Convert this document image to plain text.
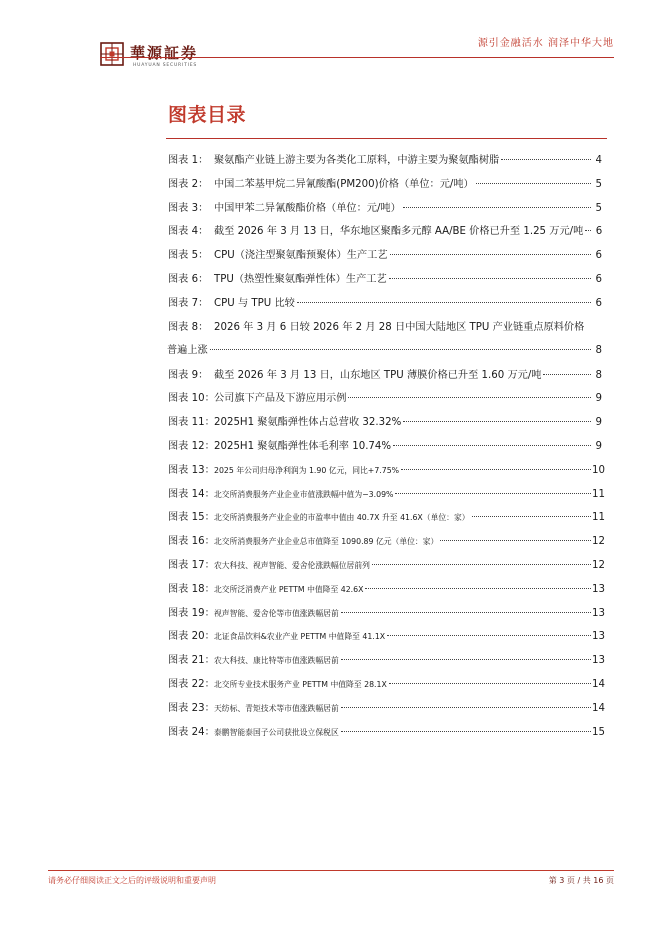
華源証券
HUAYUAN SECURITIES
源引金融活水 润泽中华大地
图表目录
图表 1： 聚氨酯产业链上游主要为各类化工原料，中游主要为聚氨酯树脂	4
图表 2： 中国二苯基甲烷二异氰酸酯(PM200)价格（单位：元/吨）	5
图表 3： 中国甲苯二异氰酸酯价格（单位：元/吨）	5
图表 4： 截至 2026 年 3 月 13 日，华东地区聚酯多元醇 AA/BE 价格已升至 1.25 万元/吨	6
图表 5： CPU（浇注型聚氨酯预聚体）生产工艺	6
图表 6： TPU（热塑性聚氨酯弹性体）生产工艺	6
图表 7： CPU 与 TPU 比较	6
图表 8： 2026 年 3 月 6 日较 2026 年 2 月 28 日中国大陆地区 TPU 产业链重点原料价格
普遍上涨	8
图表 9： 截至 2026 年 3 月 13 日，山东地区 TPU 薄膜价格已升至 1.60 万元/吨	8
图表 10： 公司旗下产品及下游应用示例	9
图表 11： 2025H1 聚氨酯弹性体占总营收 32.32%	9
图表 12： 2025H1 聚氨酯弹性体毛利率 10.74%	9
图表 13： 2025 年公司归母净利润为 1.90 亿元，同比+7.75%	10
图表 14： 北交所消费服务产业企业市值涨跌幅中值为−3.09%	11
图表 15： 北交所消费服务产业企业的市盈率中值由 40.7X 升至 41.6X（单位：家）	11
图表 16： 北交所消费服务产业企业总市值降至 1090.89 亿元（单位：家）	12
图表 17： 农大科技、视声智能、爱舍伦涨跌幅位居前列	12
图表 18： 北交所泛消费产业 PETTM 中值降至 42.6X	13
图表 19： 视声智能、爱舍伦等市值涨跌幅居前	13
图表 20： 北证食品饮料&农业产业 PETTM 中值降至 41.1X	13
图表 21： 农大科技、康比特等市值涨跌幅居前	13
图表 22： 北交所专业技术服务产业 PETTM 中值降至 28.1X	14
图表 23： 天纺标、青矩技术等市值涨跌幅居前	14
图表 24： 泰鹏智能泰国子公司获批设立保税区	15
请务必仔细阅读正文之后的评级说明和重要声明	第 3 页 / 共 16 页
